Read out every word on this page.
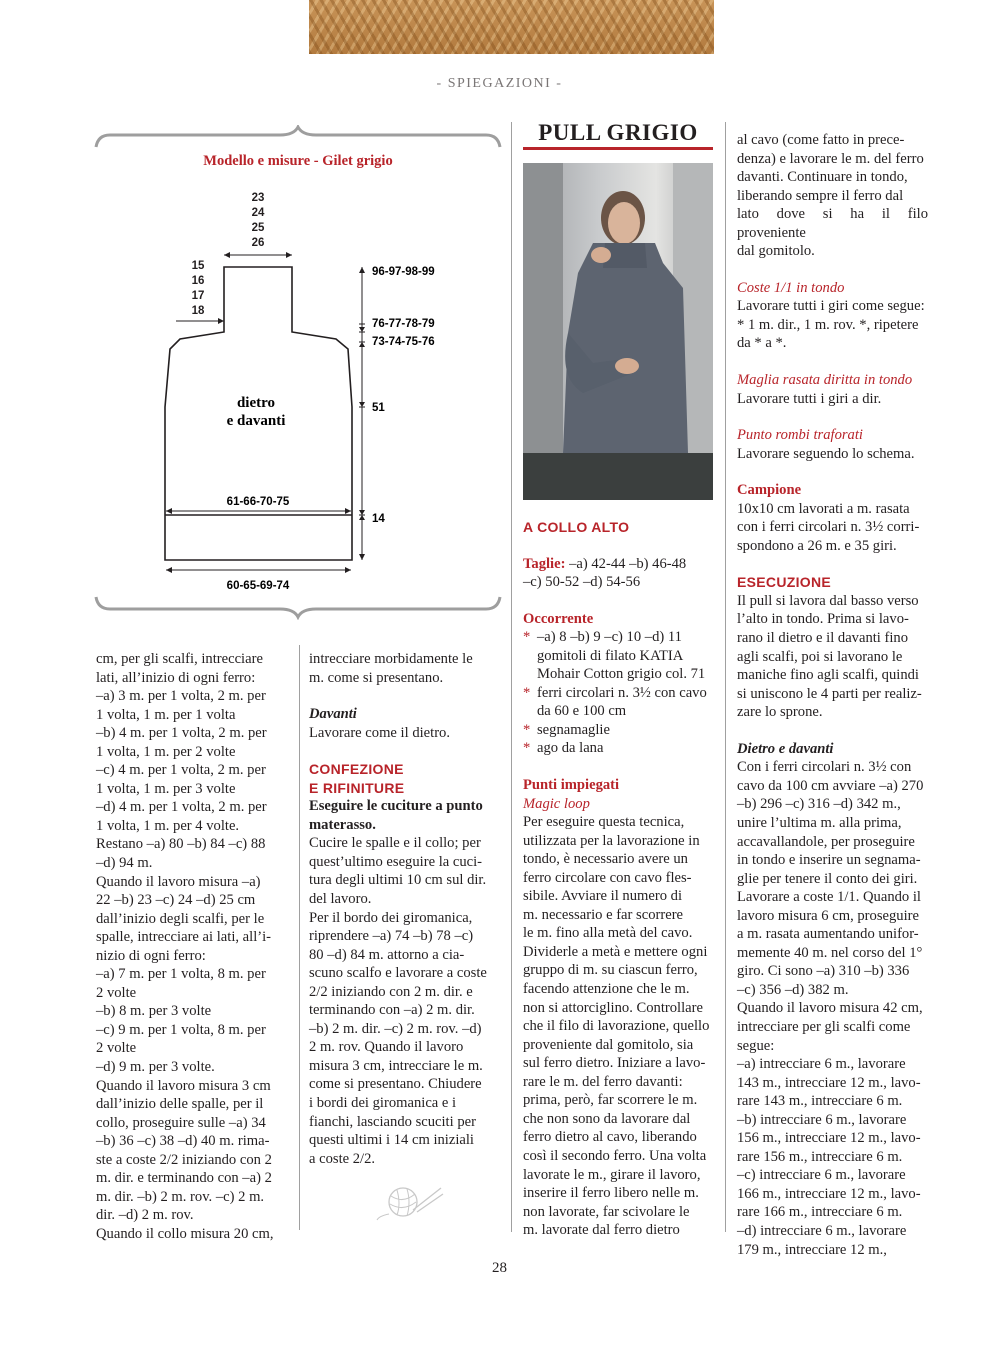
- SPIEGAZIONI -
Modello e misure - Gilet grigio
23
24
25
26
15
16
17
18
dietro
e davanti
61-66-70-75
60-65-69-74
96-97-98-99
76-77-78-79
73-74-75-76
51
14

cm, per gli scalfi, intrecciare

lati, all’inizio di ogni ferro:

–a) 3 m. per 1 volta, 2 m. per

1 volta, 1 m. per 1 volta

–b) 4 m. per 1 volta, 2 m. per

1 volta, 1 m. per 2 volte

–c) 4 m. per 1 volta, 2 m. per

1 volta, 1 m. per 3 volte

–d) 4 m. per 1 volta, 2 m. per

1 volta, 1 m. per 4 volte.

Restano –a) 80 –b) 84 –c) 88

–d) 94 m.

Quando il lavoro misura –a)

22 –b) 23 –c) 24 –d) 25 cm

dall’inizio degli scalfi, per le

spalle, intrecciare ai lati, all’i-

nizio di ogni ferro:

–a) 7 m. per 1 volta, 8 m. per

2 volte

–b) 8 m. per 3 volte

–c) 9 m. per 1 volta, 8 m. per

2 volte

–d) 9 m. per 3 volte.

Quando il lavoro misura 3 cm

dall’inizio delle spalle, per il

collo, proseguire sulle –a) 34

–b) 36 –c) 38 –d) 40 m. rima-

ste a coste 2/2 iniziando con 2

m. dir. e terminando con –a) 2

m. dir. –b) 2 m. rov. –c) 2 m.

dir. –d) 2 m. rov.

Quando il collo misura 20 cm,

intrecciare morbidamente le

m. come si presentano.

Davanti

Lavorare come il dietro.

CONFEZIONE

E RIFINITURE

Eseguire le cuciture a punto

materasso.

Cucire le spalle e il collo; per

quest’ultimo eseguire la cuci-

tura degli ultimi 10 cm sul dir.

del lavoro.

Per il bordo dei giromanica,

riprendere –a) 74 –b) 78 –c)

80 –d) 84 m. attorno a cia-

scuno scalfo e lavorare a coste

2/2 iniziando con 2 m. dir. e

terminando con –a) 2 m. dir.

–b) 2 m. dir. –c) 2 m. rov. –d)

2 m. rov. Quando il lavoro

misura 3 cm, intrecciare le m.

come si presentano. Chiudere

i bordi dei giromanica e i

fianchi, lasciando scuciti per

questi ultimi i 14 cm iniziali

a coste 2/2.

PULL GRIGIO

A COLLO ALTO

Taglie: –a) 42-44 –b) 46-48

–c) 50-52 –d) 54-56

Occorrente

* –a) 8 –b) 9 –c) 10 –d) 11
gomitoli di filato KATIA
Mohair Cotton grigio col. 71
* ferri circolari n. 3½ con cavo
da 60 e 100 cm
* segnamaglie
* ago da lana

Punti impiegati

Magic loop

Per eseguire questa tecnica,

utilizzata per la lavorazione in

tondo, è necessario avere un

ferro circolare con cavo fles-

sibile. Avviare il numero di

m. necessario e far scorrere

le m. fino alla metà del cavo.

Dividerle a metà e mettere ogni

gruppo di m. su ciascun ferro,

facendo attenzione che le m.

non si attorciglino. Controllare

che il filo di lavorazione, quello

proveniente dal gomitolo, sia

sul ferro dietro. Iniziare a lavo-

rare le m. del ferro davanti:

prima, però, far scorrere le m.

che non sono da lavorare dal

ferro dietro al cavo, liberando

così il secondo ferro. Una volta

lavorate le m., girare il lavoro,

inserire il ferro libero nelle m.

non lavorate, far scivolare le

m. lavorate dal ferro dietro

al cavo (come fatto in prece-

denza) e lavorare le m. del ferro

davanti. Continuare in tondo,

liberando sempre il ferro dal

lato dove si ha il filo proveniente

dal gomitolo.

Coste 1/1 in tondo

Lavorare tutti i giri come segue:

* 1 m. dir., 1 m. rov. *, ripetere

da * a *.

Maglia rasata diritta in tondo

Lavorare tutti i giri a dir.

Punto rombi traforati

Lavorare seguendo lo schema.

Campione

10x10 cm lavorati a m. rasata

con i ferri circolari n. 3½ corri-

spondono a 26 m. e 35 giri.

ESECUZIONE

Il pull si lavora dal basso verso

l’alto in tondo. Prima si lavo-

rano il dietro e il davanti fino

agli scalfi, poi si lavorano le

maniche fino agli scalfi, quindi

si uniscono le 4 parti per realiz-

zare lo sprone.

Dietro e davanti

Con i ferri circolari n. 3½ con

cavo da 100 cm avviare –a) 270

–b) 296 –c) 316 –d) 342 m.,

unire l’ultima m. alla prima,

accavallandole, per proseguire

in tondo e inserire un segnama-

glie per tenere il conto dei giri.

Lavorare a coste 1/1. Quando il

lavoro misura 6 cm, proseguire

a m. rasata aumentando unifor-

memente 40 m. nel corso del 1°

giro. Ci sono –a) 310 –b) 336

–c) 356 –d) 382 m.

Quando il lavoro misura 42 cm,

intrecciare per gli scalfi come

segue:

–a) intrecciare 6 m., lavorare

143 m., intrecciare 12 m., lavo-

rare 143 m., intrecciare 6 m.

–b) intrecciare 6 m., lavorare

156 m., intrecciare 12 m., lavo-

rare 156 m., intrecciare 6 m.

–c) intrecciare 6 m., lavorare

166 m., intrecciare 12 m., lavo-

rare 166 m., intrecciare 6 m.

–d) intrecciare 6 m., lavorare

179 m., intrecciare 12 m.,

28
